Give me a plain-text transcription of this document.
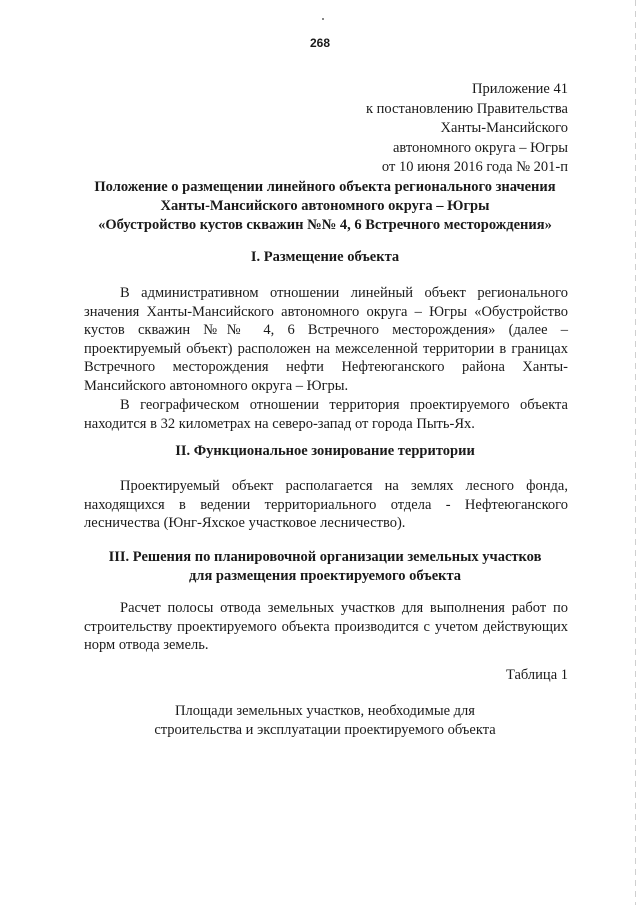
268
Приложение 41
к постановлению Правительства
Ханты-Мансийского
автономного округа – Югры
от 10 июня 2016 года № 201-п
Положение о размещении линейного объекта регионального значения
Ханты-Мансийского автономного округа – Югры
«Обустройство кустов скважин №№ 4, 6 Встречного месторождения»
I. Размещение объекта
В административном отношении линейный объект регионального значения Ханты-Мансийского автономного округа – Югры «Обустройство кустов скважин №№ 4, 6 Встречного месторождения» (далее – проектируемый объект) расположен на межселенной территории в границах Встречного месторождения нефти Нефтеюганского района Ханты-Мансийского автономного округа – Югры.
В географическом отношении территория проектируемого объекта находится в 32 километрах на северо-запад от города Пыть-Ях.
II. Функциональное зонирование территории
Проектируемый объект располагается на землях лесного фонда, находящихся в ведении территориального отдела - Нефтеюганского лесничества (Юнг-Яхское участковое лесничество).
III. Решения по планировочной организации земельных участков
для размещения проектируемого объекта
Расчет полосы отвода земельных участков для выполнения работ по строительству проектируемого объекта производится с учетом действующих норм отвода земель.
Таблица 1
Площади земельных участков, необходимые для
строительства и эксплуатации проектируемого объекта
